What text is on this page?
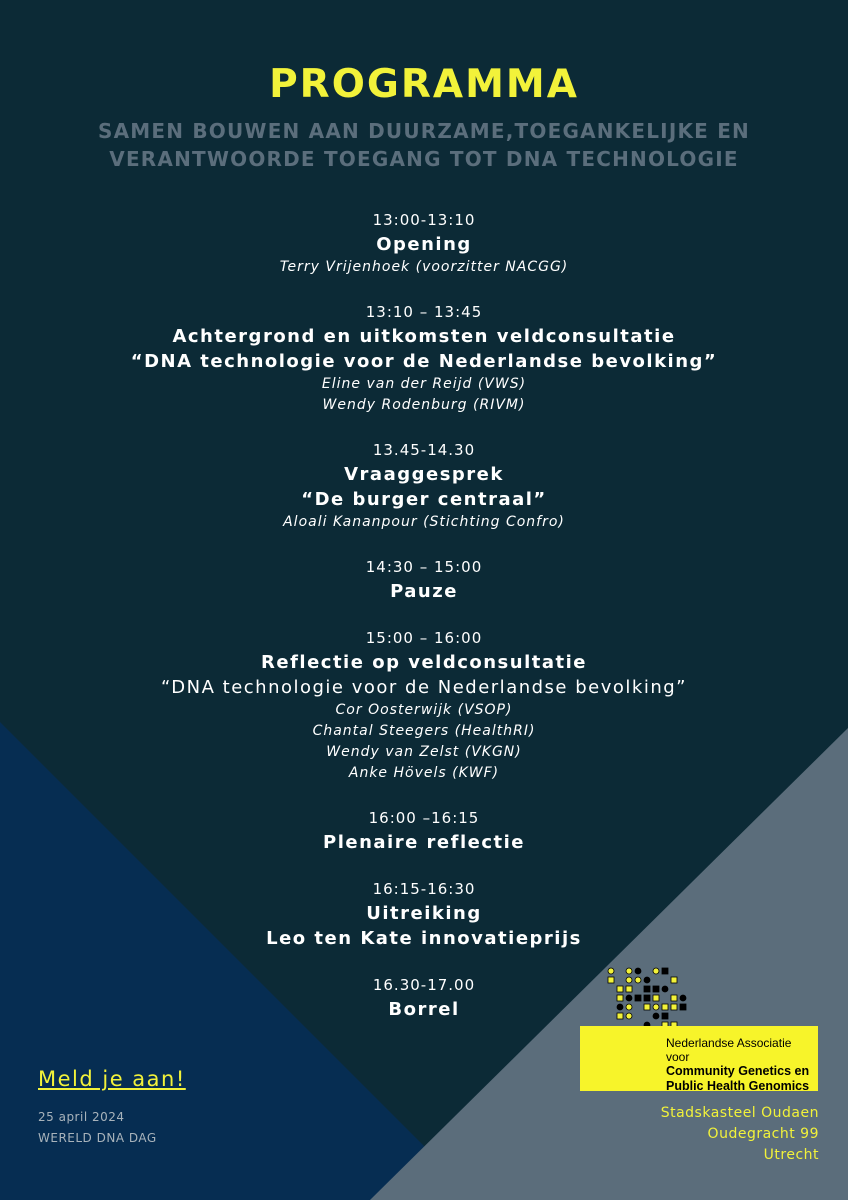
PROGRAMMA
SAMEN BOUWEN AAN DUURZAME,TOEGANKELIJKE EN
VERANTWOORDE TOEGANG TOT DNA TECHNOLOGIE
13:00-13:10
Opening
Terry Vrijenhoek (voorzitter NACGG)
13:10 – 13:45
Achtergrond en uitkomsten veldconsultatie
“DNA technologie voor de Nederlandse bevolking”
Eline van der Reijd (VWS)
Wendy Rodenburg (RIVM)
13.45-14.30
Vraaggesprek
“De burger centraal”
Aloali Kananpour (Stichting Confro)
14:30 – 15:00
Pauze
15:00 – 16:00
Reflectie op veldconsultatie
“DNA technologie voor de Nederlandse bevolking”
Cor Oosterwijk (VSOP)
Chantal Steegers (HealthRI)
Wendy van Zelst (VKGN)
Anke Hövels (KWF)
16:00 –16:15
Plenaire reflectie
16:15-16:30
Uitreiking
Leo ten Kate innovatieprijs
16.30-17.00
Borrel
Meld je aan!
25 april 2024
WERELD DNA DAG
Nederlandse Associatie voor
Community Genetics en
Public Health Genomics
Stadskasteel Oudaen
Oudegracht 99
Utrecht
